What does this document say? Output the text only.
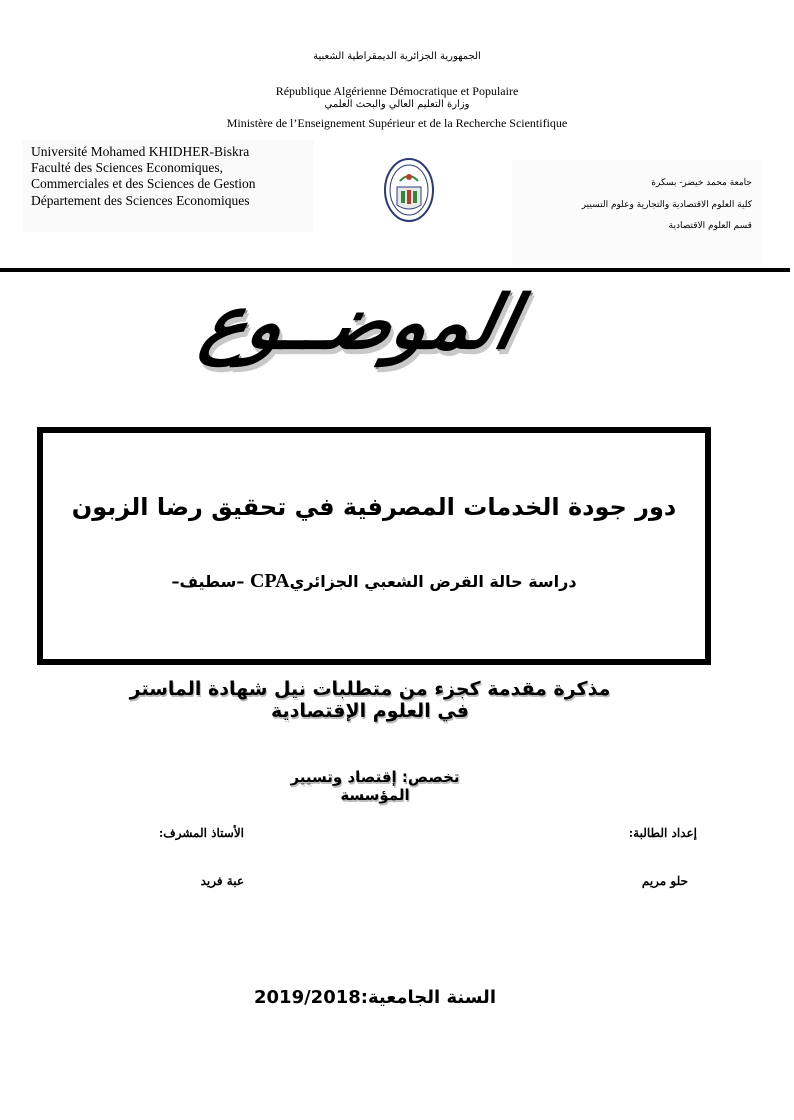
الجمهورية الجزائرية الديمقراطية الشعبية
République Algérienne Démocratique et Populaire
وزارة التعليم العالي والبحث العلمي
Ministère de l’Enseignement Supérieur et de la Recherche Scientifique
Université Mohamed KHIDHER-Biskra
Faculté des Sciences Economiques,
Commerciales et des Sciences de Gestion
Département des Sciences Economiques
جامعة محمد خيضر- بسكرة
كلية العلوم الاقتصادية والتجارية وعلوم التسيير
قسم العلوم الاقتصادية
الموضــوع
دور جودة الخدمات المصرفية في تحقيق رضا الزبون
دراسة حالة القرض الشعبي الجزائريCPA –سطيف–
مذكرة مقدمة كجزء من متطلبات نيل شهادة الماستر في العلوم الإقتصادية
تخصص: إقتصاد وتسيير المؤسسة
إعداد الطالبة:
حلو مريم
الأستاذ المشرف:
عبة فريد
السنة الجامعية:2019/2018
